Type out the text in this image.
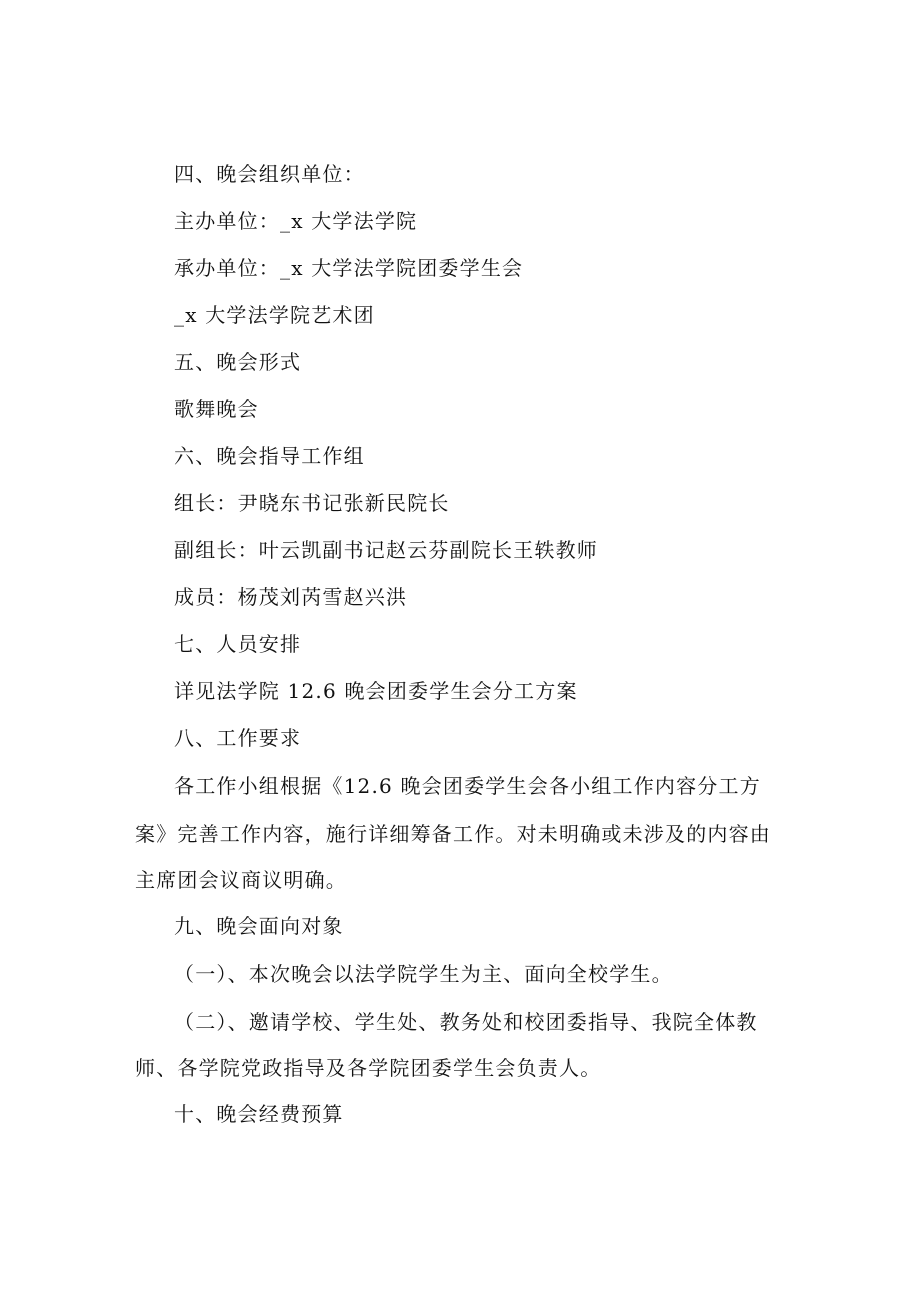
四、晚会组织单位：
主办单位：_x 大学法学院
承办单位：_x 大学法学院团委学生会
_x 大学法学院艺术团
五、晚会形式
歌舞晚会
六、晚会指导工作组
组长：尹晓东书记张新民院长
副组长：叶云凯副书记赵云芬副院长王轶教师
成员：杨茂刘芮雪赵兴洪
七、人员安排
详见法学院 12.6 晚会团委学生会分工方案
八、工作要求
各工作小组根据《12.6 晚会团委学生会各小组工作内容分工方
案》完善工作内容，施行详细筹备工作。对未明确或未涉及的内容由
主席团会议商议明确。
九、晚会面向对象
（一）、本次晚会以法学院学生为主、面向全校学生。
（二）、邀请学校、学生处、教务处和校团委指导、我院全体教
师、各学院党政指导及各学院团委学生会负责人。
十、晚会经费预算
